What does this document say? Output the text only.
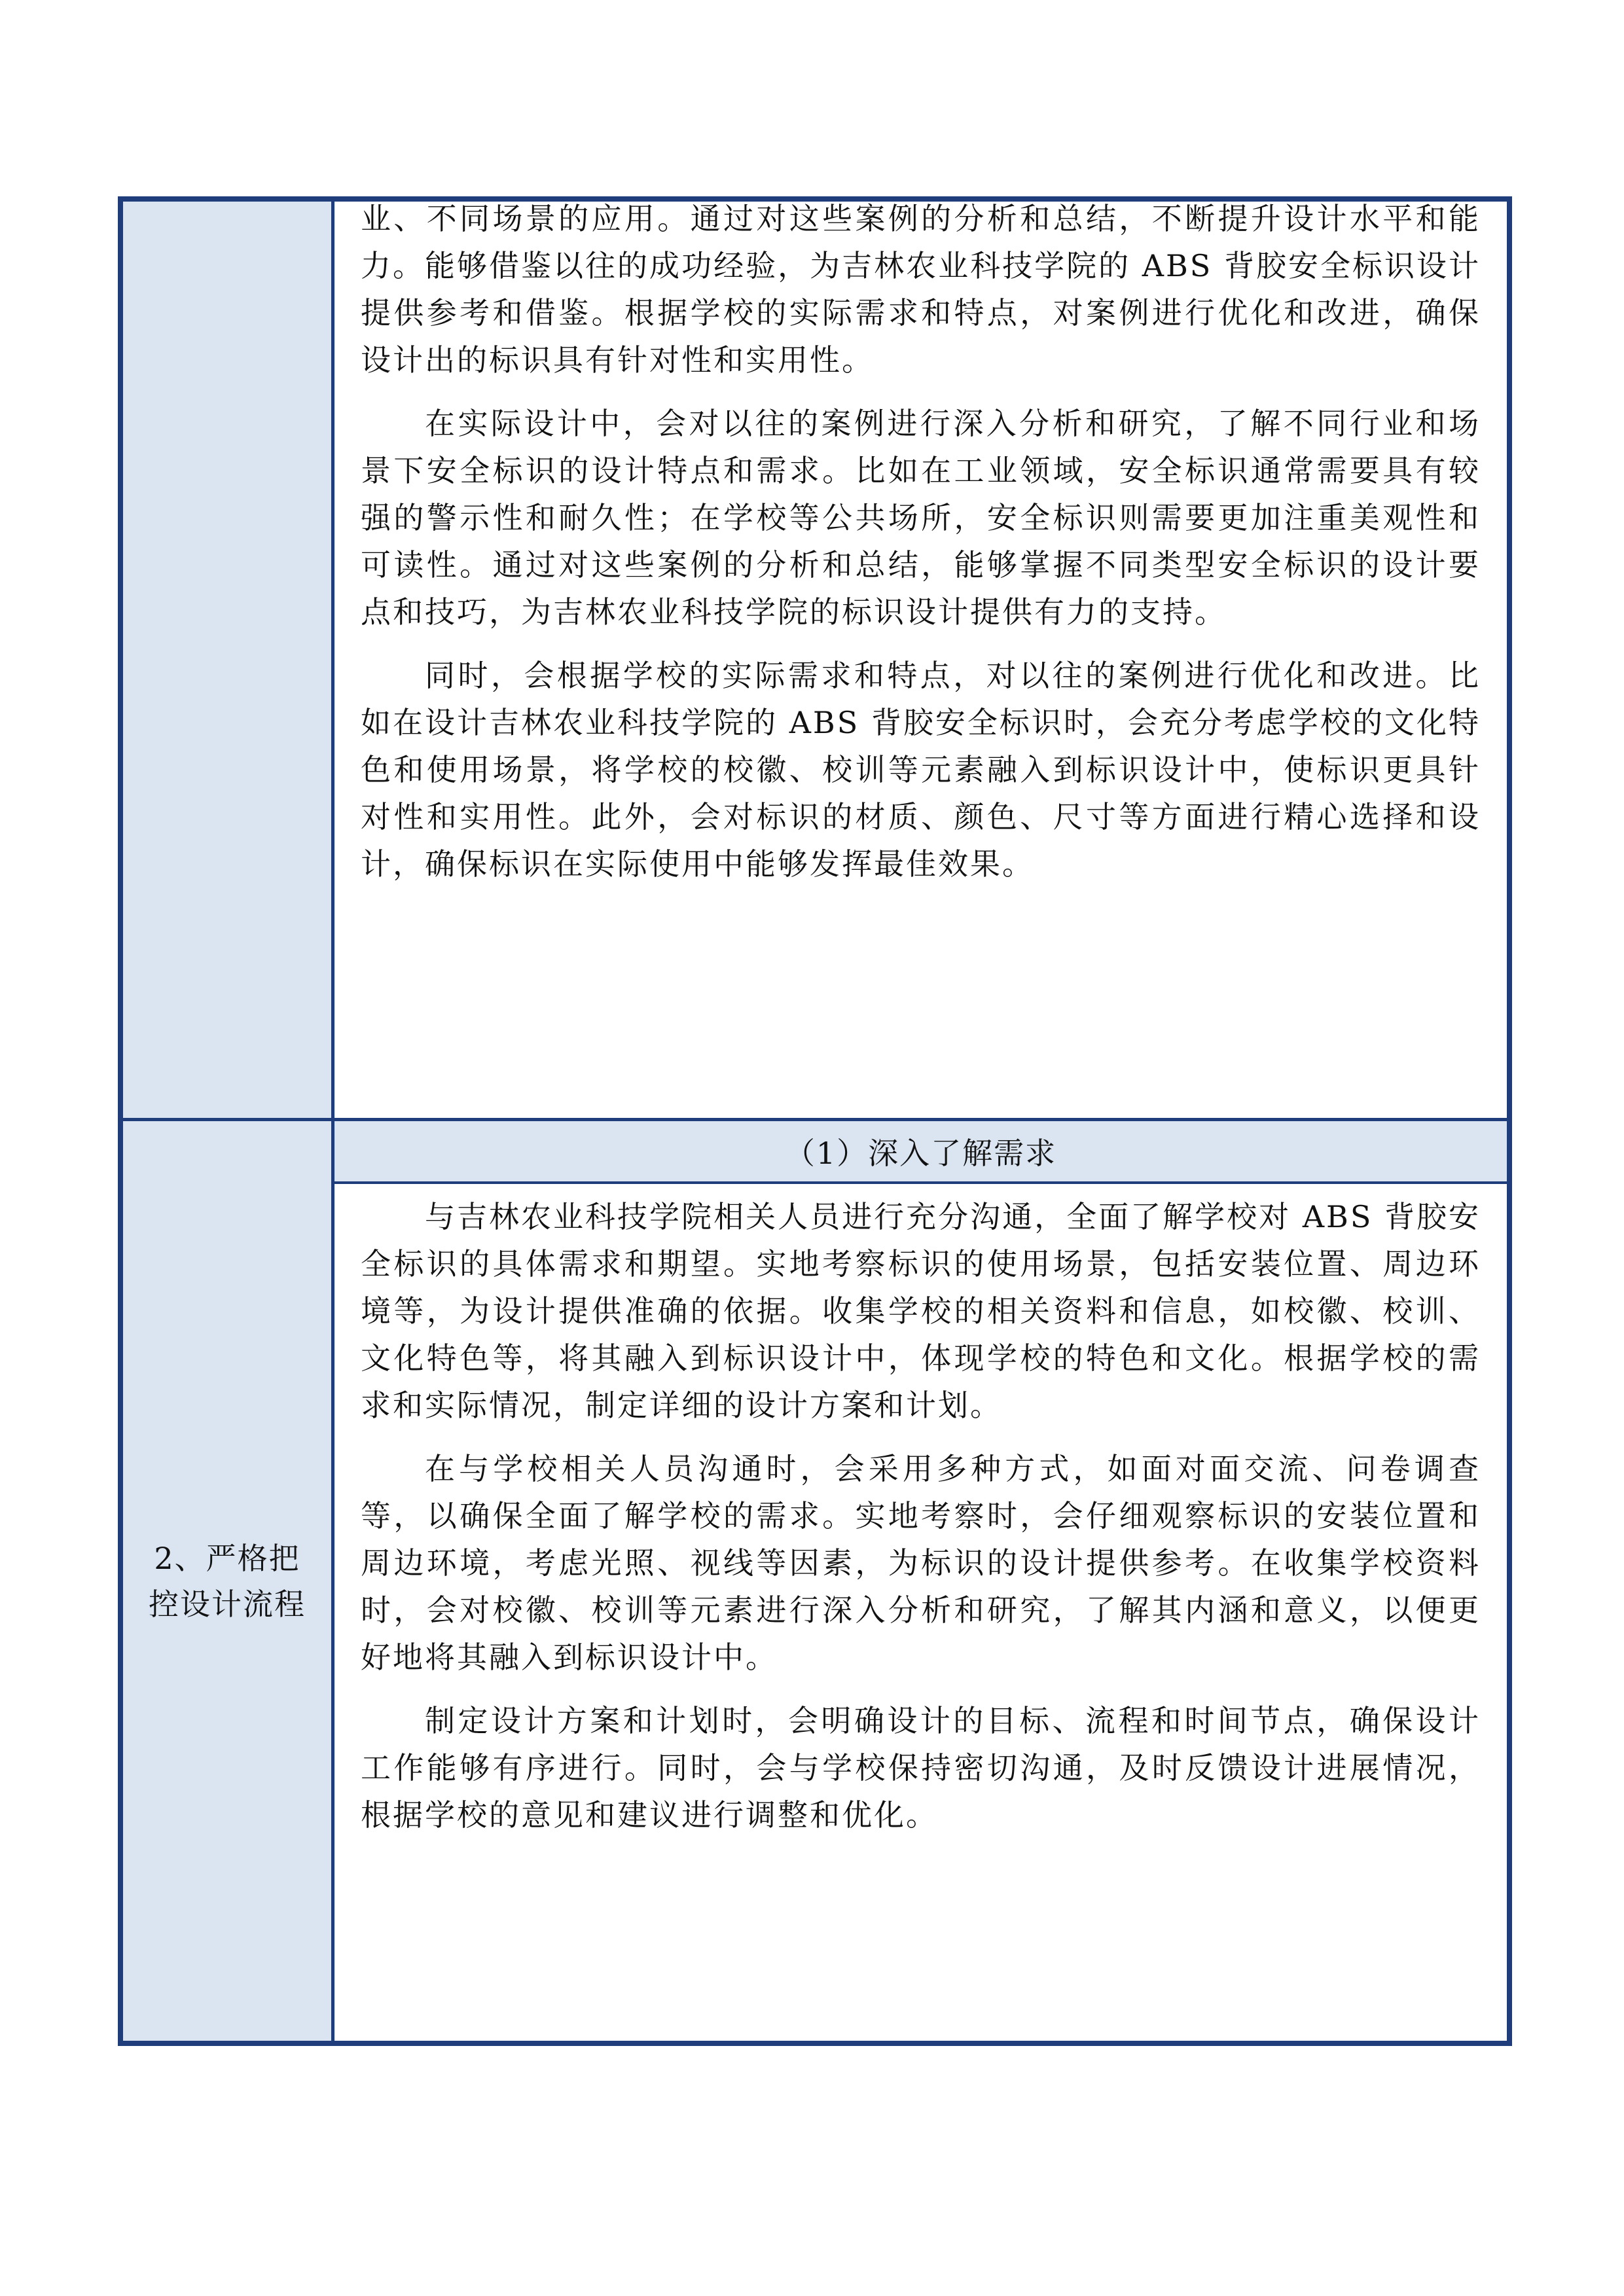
业、不同场景的应用。通过对这些案例的分析和总结，不断提升设计水平和能力。能够借鉴以往的成功经验，为吉林农业科技学院的 ABS 背胶安全标识设计提供参考和借鉴。根据学校的实际需求和特点，对案例进行优化和改进，确保设计出的标识具有针对性和实用性。

在实际设计中，会对以往的案例进行深入分析和研究，了解不同行业和场景下安全标识的设计特点和需求。比如在工业领域，安全标识通常需要具有较强的警示性和耐久性；在学校等公共场所，安全标识则需要更加注重美观性和可读性。通过对这些案例的分析和总结，能够掌握不同类型安全标识的设计要点和技巧，为吉林农业科技学院的标识设计提供有力的支持。

同时，会根据学校的实际需求和特点，对以往的案例进行优化和改进。比如在设计吉林农业科技学院的 ABS 背胶安全标识时，会充分考虑学校的文化特色和使用场景，将学校的校徽、校训等元素融入到标识设计中，使标识更具针对性和实用性。此外，会对标识的材质、颜色、尺寸等方面进行精心选择和设计，确保标识在实际使用中能够发挥最佳效果。

2、严格把控设计流程
（1）深入了解需求

与吉林农业科技学院相关人员进行充分沟通，全面了解学校对 ABS 背胶安全标识的具体需求和期望。实地考察标识的使用场景，包括安装位置、周边环境等，为设计提供准确的依据。收集学校的相关资料和信息，如校徽、校训、文化特色等，将其融入到标识设计中，体现学校的特色和文化。根据学校的需求和实际情况，制定详细的设计方案和计划。

在与学校相关人员沟通时，会采用多种方式，如面对面交流、问卷调查等，以确保全面了解学校的需求。实地考察时，会仔细观察标识的安装位置和周边环境，考虑光照、视线等因素，为标识的设计提供参考。在收集学校资料时，会对校徽、校训等元素进行深入分析和研究，了解其内涵和意义，以便更好地将其融入到标识设计中。

制定设计方案和计划时，会明确设计的目标、流程和时间节点，确保设计工作能够有序进行。同时，会与学校保持密切沟通，及时反馈设计进展情况，根据学校的意见和建议进行调整和优化。
